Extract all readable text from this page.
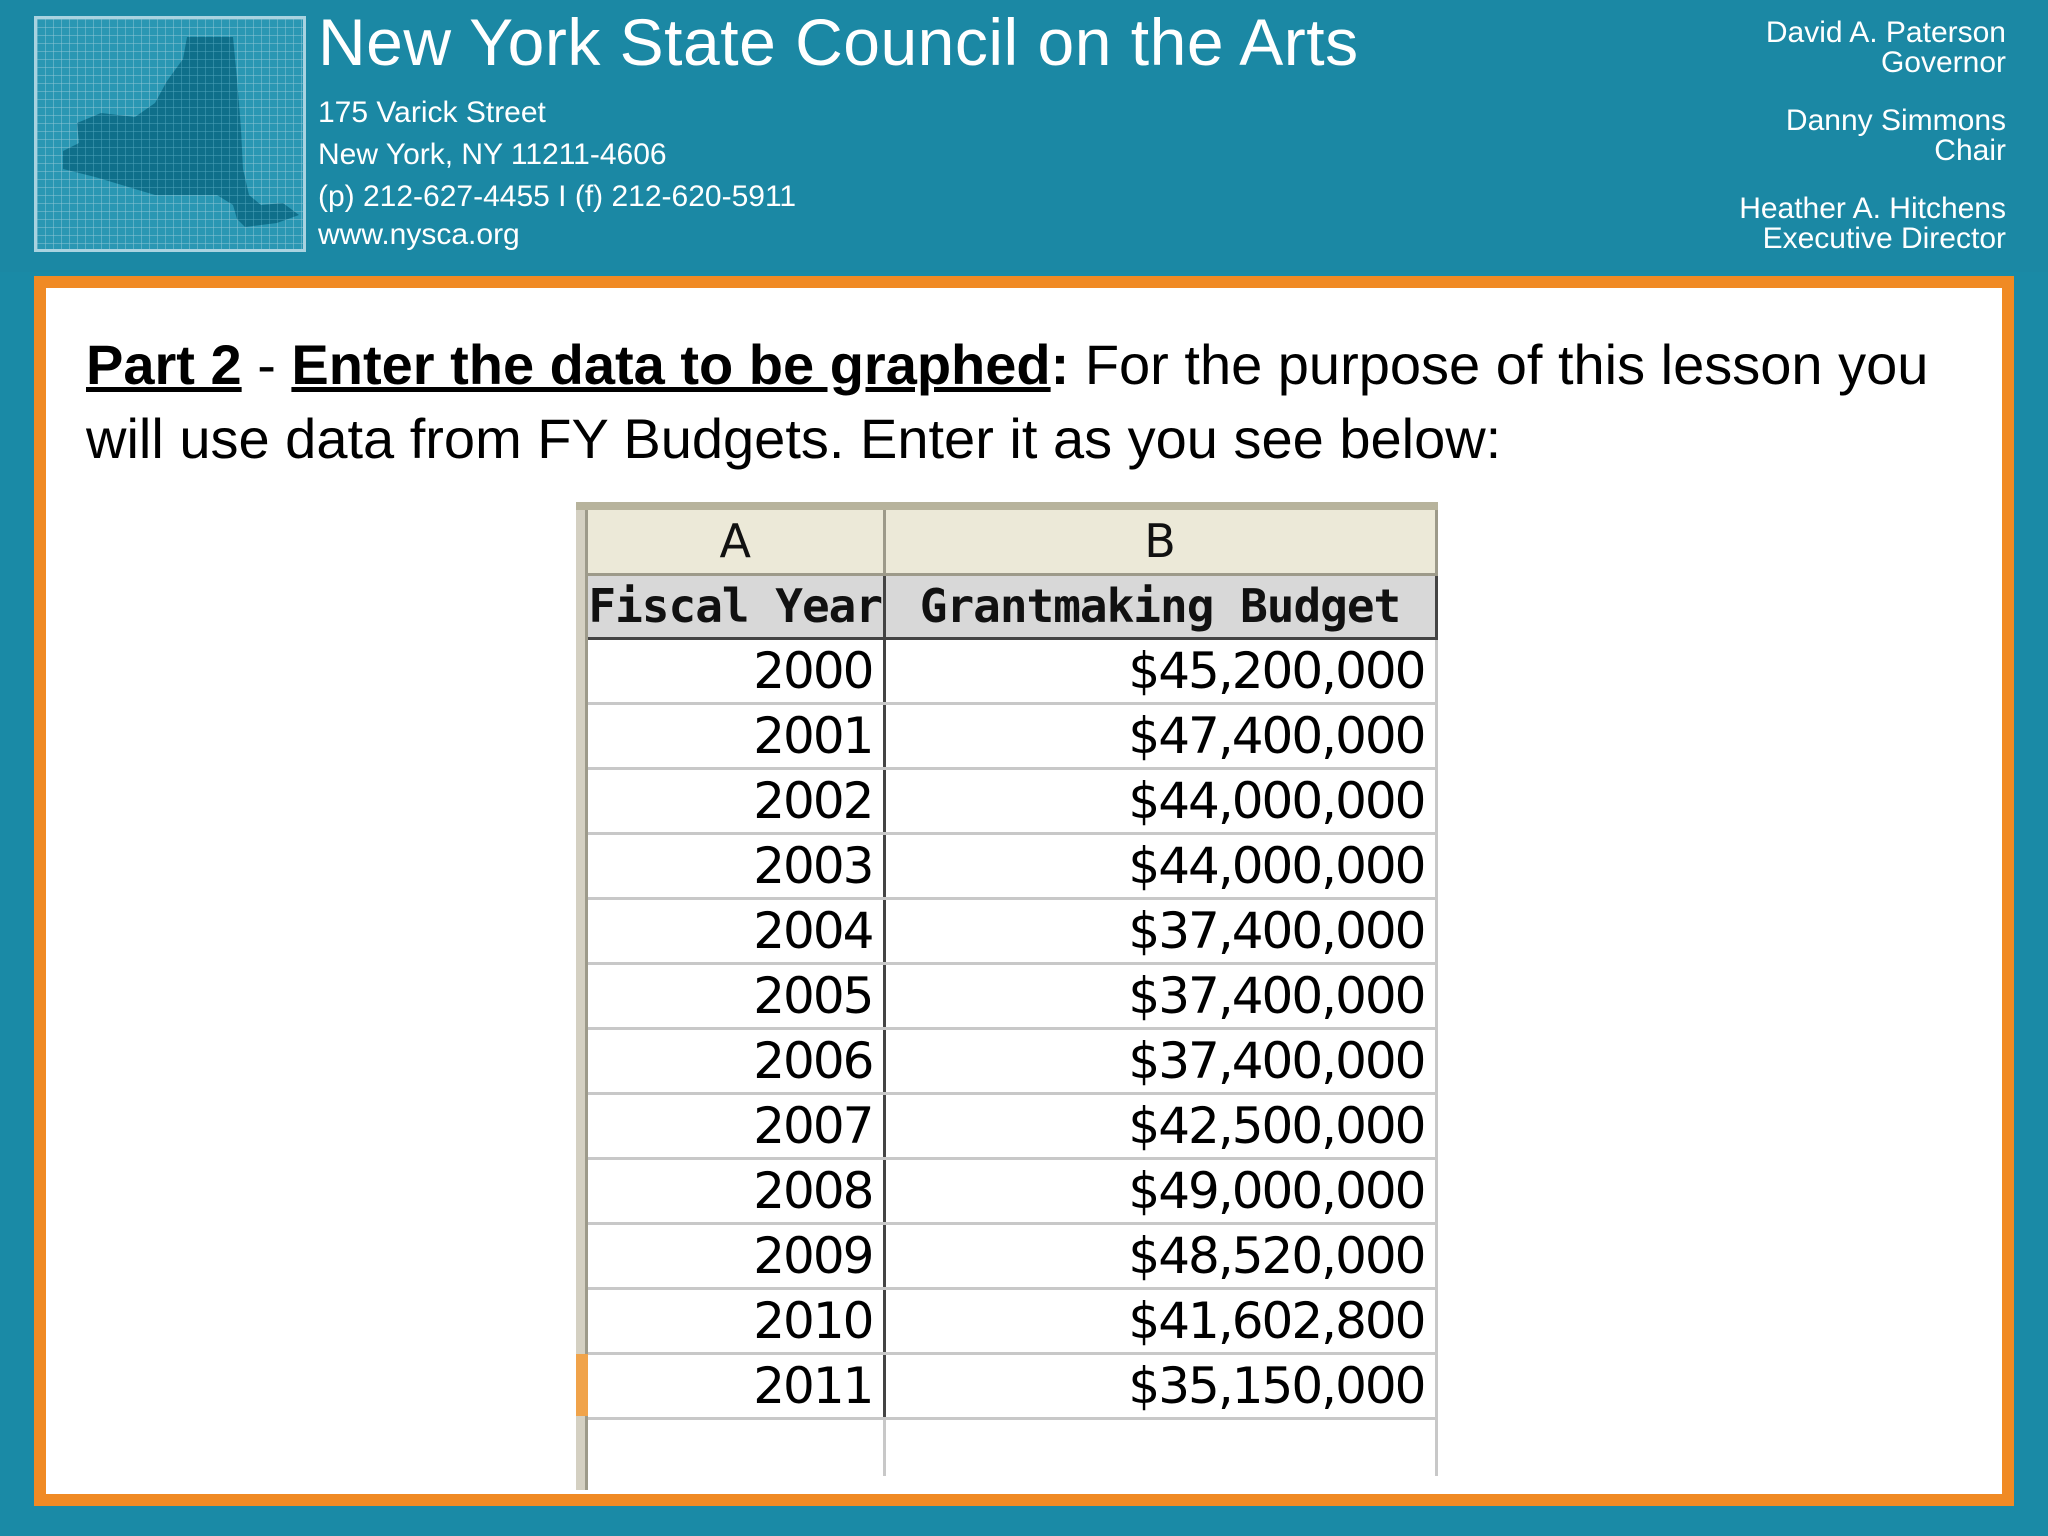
New York State Council on the Arts
175 Varick Street
New York, NY 11211-4606
(p) 212-627-4455 I (f) 212-620-5911
www.nysca.org
David A. Paterson
Governor
Danny Simmons
Chair
Heather A. Hitchens
Executive Director

Part 2 - Enter the data to be graphed: For the purpose of this lesson you will use data from FY Budgets. Enter it as you see below:

A	B
Fiscal Year	Grantmaking Budget
2000	$45,200,000
2001	$47,400,000
2002	$44,000,000
2003	$44,000,000
2004	$37,400,000
2005	$37,400,000
2006	$37,400,000
2007	$42,500,000
2008	$49,000,000
2009	$48,520,000
2010	$41,602,800
2011	$35,150,000
